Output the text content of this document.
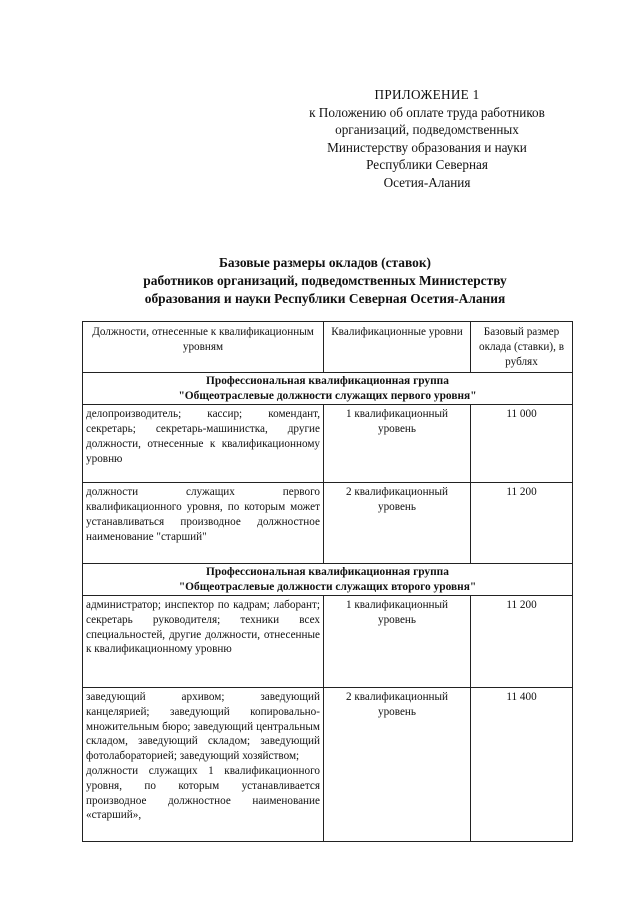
ПРИЛОЖЕНИЕ 1
к Положению об оплате труда работников
организаций, подведомственных
Министерству образования и науки
Республики Северная
Осетия-Алания
Базовые размеры окладов (ставок)
работников организаций, подведомственных Министерству
образования и науки Республики Северная Осетия-Алания
Должности, отнесенные к квалификационным уровням	Квалификационные уровни	Базовый размер оклада (ставки), в рублях

Профессиональная квалификационная группа
"Общеотраслевые должности служащих первого уровня"		

делопроизводитель; кассир; комендант, секретарь; секретарь-машинистка, другие должности, отнесенные к квалификационному уровню	1 квалификационный уровень	11 000

должности служащих первого квалификационного уровня, по которым может устанавливаться производное должностное наименование "старший"	2 квалификационный уровень	11 200

Профессиональная квалификационная группа
"Общеотраслевые должности служащих второго уровня"		

администратор; инспектор по кадрам; лаборант; секретарь руководителя; техники всех специальностей, другие должности, отнесенные к квалификационному уровню	1 квалификационный уровень	11 200

заведующий архивом; заведующий канцелярией; заведующий копировально-множительным бюро; заведующий центральным складом, заведующий складом; заведующий фотолабораторией; заведующий хозяйством;
должности служащих 1 квалификационного уровня, по которым устанавливается производное должностное наименование «старший»,	2 квалификационный уровень	11 400
